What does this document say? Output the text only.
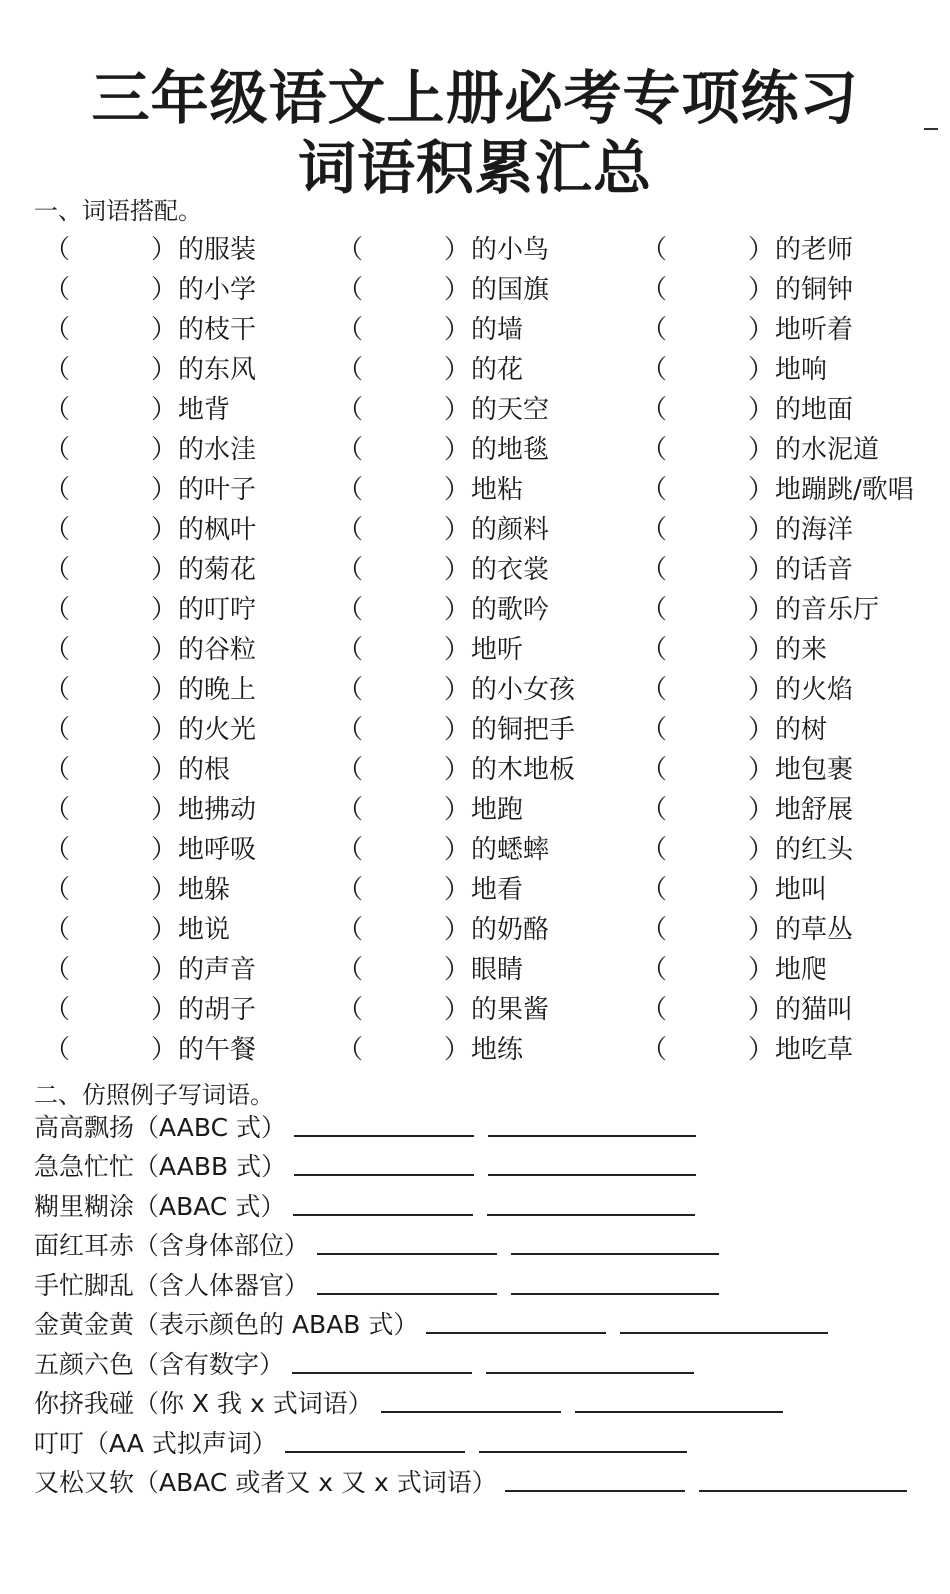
三年级语文上册必考专项练习
词语积累汇总
一、词语搭配。
（	） 的服装	（	） 的小鸟	（	） 的老师
（	） 的小学	（	） 的国旗	（	） 的铜钟
（	） 的枝干	（	） 的墙	（	） 地听着
（	） 的东风	（	） 的花	（	） 地响
（	） 地背	（	） 的天空	（	） 的地面
（	） 的水洼	（	） 的地毯	（	） 的水泥道
（	） 的叶子	（	） 地粘	（	） 地蹦跳/歌唱
（	） 的枫叶	（	） 的颜料	（	） 的海洋
（	） 的菊花	（	） 的衣裳	（	） 的话音
（	） 的叮咛	（	） 的歌吟	（	） 的音乐厅
（	） 的谷粒	（	） 地听	（	） 的来
（	） 的晚上	（	） 的小女孩	（	） 的火焰
（	） 的火光	（	） 的铜把手	（	） 的树
（	） 的根	（	） 的木地板	（	） 地包裹
（	） 地拂动	（	） 地跑	（	） 地舒展
（	） 地呼吸	（	） 的蟋蟀	（	） 的红头
（	） 地躲	（	） 地看	（	） 地叫
（	） 地说	（	） 的奶酪	（	） 的草丛
（	） 的声音	（	） 眼睛	（	） 地爬
（	） 的胡子	（	） 的果酱	（	） 的猫叫
（	） 的午餐	（	） 地练	（	） 地吃草
二、仿照例子写词语。
高高飘扬（AABC 式）
急急忙忙（AABB 式）
糊里糊涂（ABAC 式）
面红耳赤（含身体部位）
手忙脚乱（含人体器官）
金黄金黄（表示颜色的 ABAB 式）
五颜六色（含有数字）
你挤我碰（你 X 我 x 式词语）
叮叮（AA 式拟声词）
又松又软（ABAC 或者又 x 又 x 式词语）
